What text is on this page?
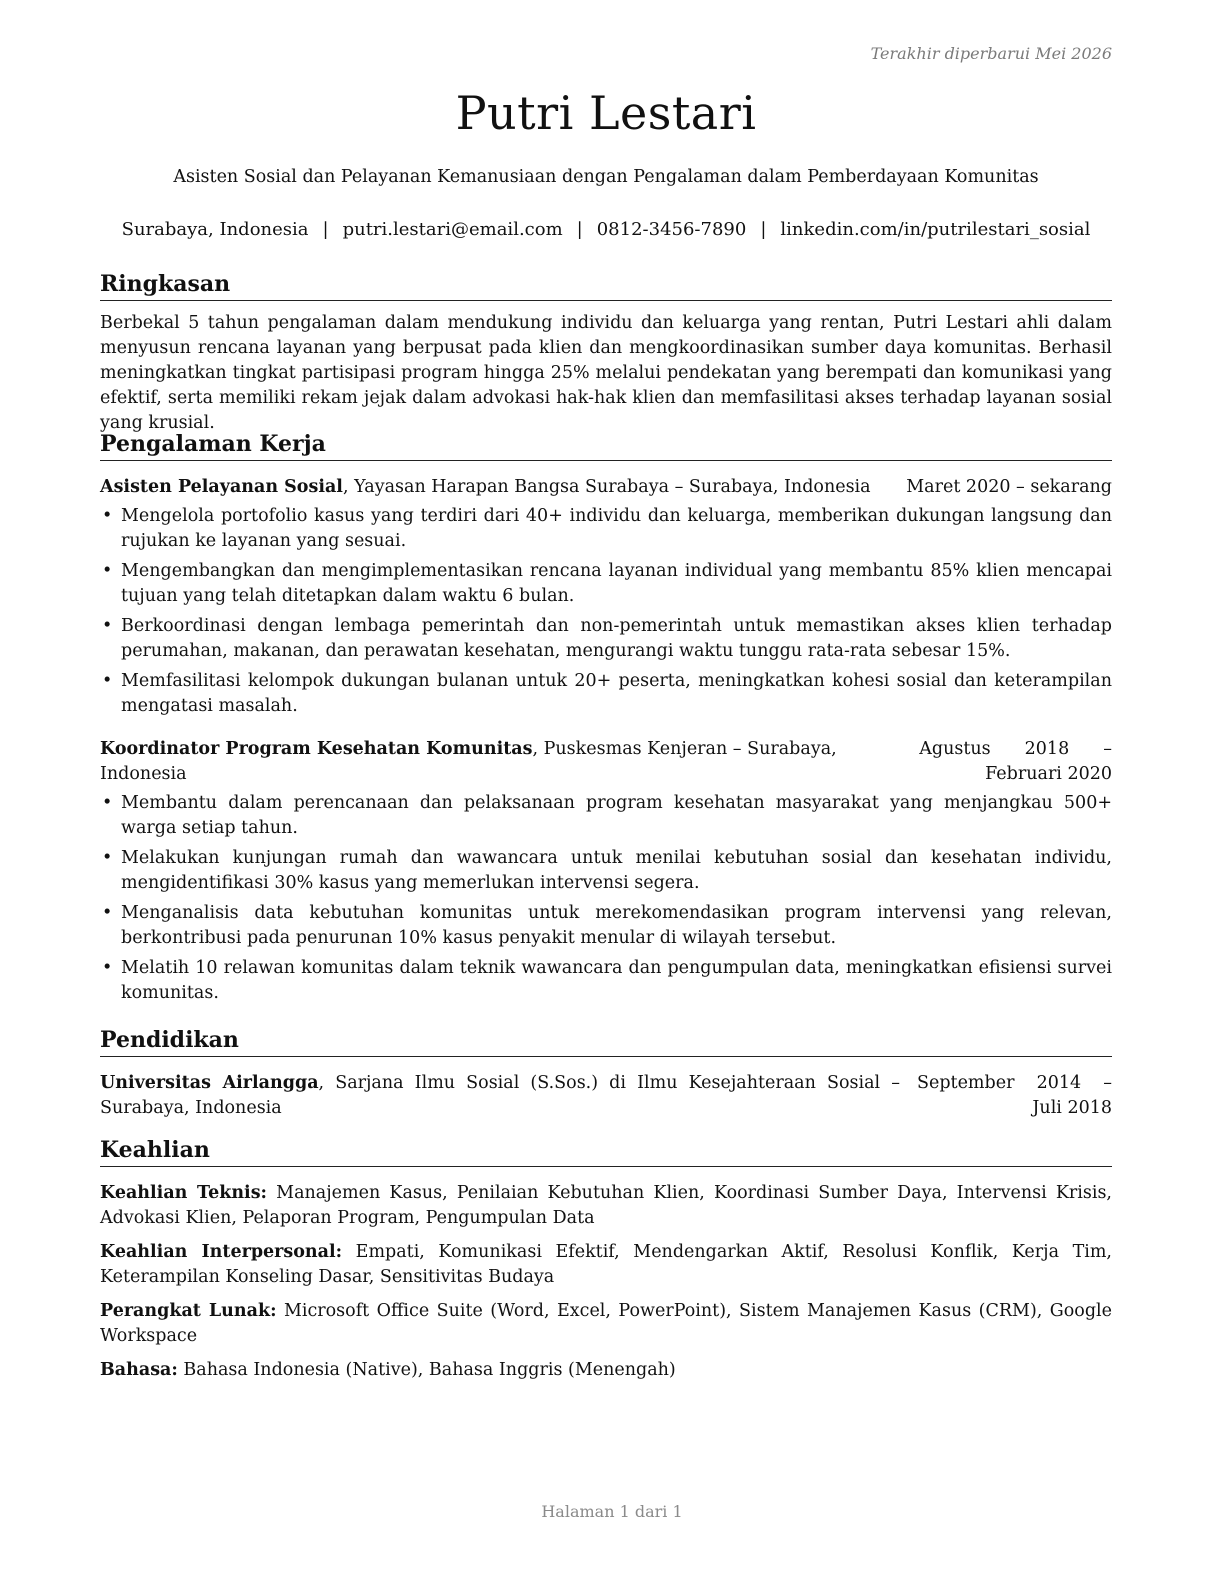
Terakhir diperbarui Mei 2026
Putri Lestari
Asisten Sosial dan Pelayanan Kemanusiaan dengan Pengalaman dalam Pemberdayaan Komunitas
Surabaya, Indonesia | putri.lestari@email.com | 0812-3456-7890 | linkedin.com/in/putrilestari_sosial
Ringkasan
Berbekal 5 tahun pengalaman dalam mendukung individu dan keluarga yang rentan, Putri Lestari ahli dalam menyusun rencana layanan yang berpusat pada klien dan mengkoordinasikan sumber daya komunitas. Berhasil meningkatkan tingkat partisipasi program hingga 25% melalui pendekatan yang berempati dan komunikasi yang efektif, serta memiliki rekam jejak dalam advokasi hak-hak klien dan memfasilitasi akses terhadap layanan sosial yang krusial.
Pengalaman Kerja
Asisten Pelayanan Sosial, Yayasan Harapan Bangsa Surabaya – Surabaya, Indonesia Maret 2020 – sekarang
• Mengelola portofolio kasus yang terdiri dari 40+ individu dan keluarga, memberikan dukungan langsung dan rujukan ke layanan yang sesuai.
• Mengembangkan dan mengimplementasikan rencana layanan individual yang membantu 85% klien mencapai tujuan yang telah ditetapkan dalam waktu 6 bulan.
• Berkoordinasi dengan lembaga pemerintah dan non-pemerintah untuk memastikan akses klien terhadap perumahan, makanan, dan perawatan kesehatan, mengurangi waktu tunggu rata-rata sebesar 15%.
• Memfasilitasi kelompok dukungan bulanan untuk 20+ peserta, meningkatkan kohesi sosial dan keterampilan mengatasi masalah.
Koordinator Program Kesehatan Komunitas, Puskesmas Kenjeran – Surabaya, Indonesia
Agustus 2018 – Februari 2020
• Membantu dalam perencanaan dan pelaksanaan program kesehatan masyarakat yang menjangkau 500+ warga setiap tahun.
• Melakukan kunjungan rumah dan wawancara untuk menilai kebutuhan sosial dan kesehatan individu, mengidentifikasi 30% kasus yang memerlukan intervensi segera.
• Menganalisis data kebutuhan komunitas untuk merekomendasikan program intervensi yang relevan, berkontribusi pada penurunan 10% kasus penyakit menular di wilayah tersebut.
• Melatih 10 relawan komunitas dalam teknik wawancara dan pengumpulan data, meningkatkan efisiensi survei komunitas.
Pendidikan
Universitas Airlangga, Sarjana Ilmu Sosial (S.Sos.) di Ilmu Kesejahteraan Sosial – Surabaya, Indonesia
September 2014 – Juli 2018
Keahlian
Keahlian Teknis: Manajemen Kasus, Penilaian Kebutuhan Klien, Koordinasi Sumber Daya, Intervensi Krisis, Advokasi Klien, Pelaporan Program, Pengumpulan Data
Keahlian Interpersonal: Empati, Komunikasi Efektif, Mendengarkan Aktif, Resolusi Konflik, Kerja Tim, Keterampilan Konseling Dasar, Sensitivitas Budaya
Perangkat Lunak: Microsoft Office Suite (Word, Excel, PowerPoint), Sistem Manajemen Kasus (CRM), Google Workspace
Bahasa: Bahasa Indonesia (Native), Bahasa Inggris (Menengah)
Halaman 1 dari 1
